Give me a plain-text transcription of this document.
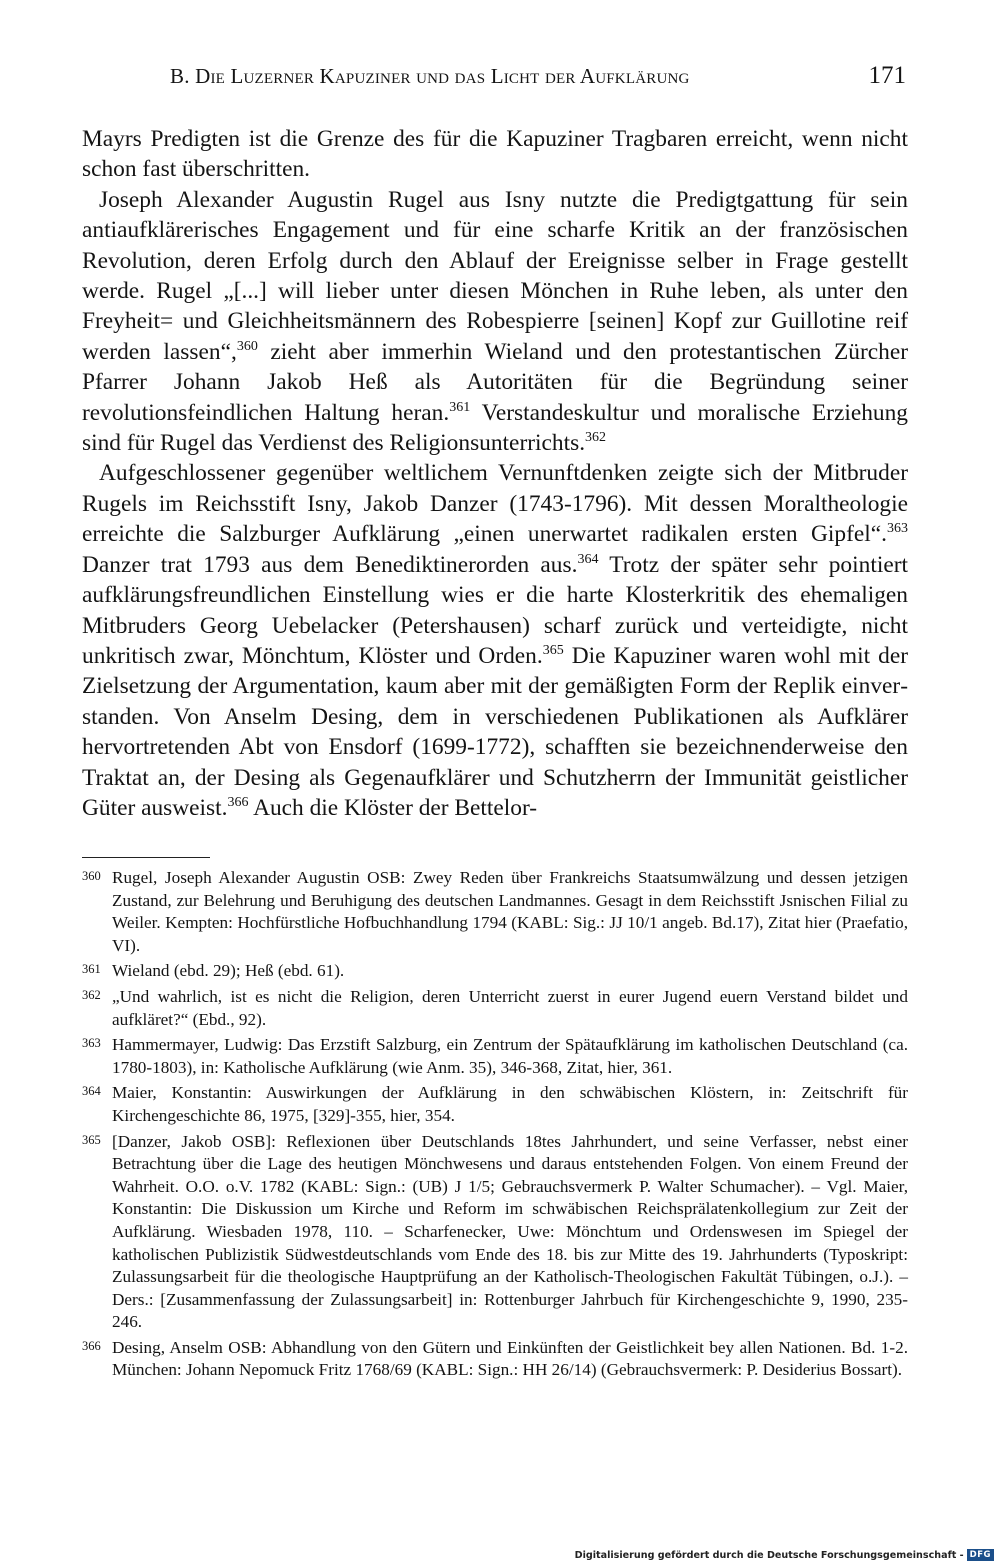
B. Die Luzerner Kapuziner und das Licht der Aufklärung	171

Mayrs Predigten ist die Grenze des für die Kapuziner Tragbaren erreicht, wenn nicht schon fast überschritten.

Joseph Alexander Augustin Rugel aus Isny nutzte die Predigtgattung für sein antiaufklärerisches Engagement und für eine scharfe Kritik an der französischen Revolution, deren Erfolg durch den Ablauf der Ereignisse selber in Frage gestellt werde. Rugel „[...] will lieber unter diesen Mönchen in Ruhe leben, als unter den Freyheit= und Gleichheitsmännern des Robespierre [seinen] Kopf zur Guillotine reif werden lassen“,$^{360}$ zieht aber immerhin Wieland und den protestantischen Zürcher Pfarrer Johann Jakob Heß als Autoritäten für die Begründung seiner revolutionsfeindlichen Haltung heran.$^{361}$ Verstandeskultur und moralische Erziehung sind für Rugel das Verdienst des Religionsunterrichts.$^{362}$

Aufgeschlossener gegenüber weltlichem Vernunftdenken zeigte sich der Mitbruder Rugels im Reichsstift Isny, Jakob Danzer (1743-1796). Mit dessen Moraltheologie erreichte die Salzburger Aufklärung „einen unerwartet radikalen ersten Gipfel“.$^{363}$ Danzer trat 1793 aus dem Benediktinerorden aus.$^{364}$ Trotz der später sehr pointiert aufklärungsfreundlichen Einstellung wies er die harte Klosterkritik des ehemaligen Mitbruders Georg Uebelacker (Petershausen) scharf zurück und verteidigte, nicht unkritisch zwar, Mönchtum, Klöster und Orden.$^{365}$ Die Kapuziner waren wohl mit der Zielsetzung der Argumentation, kaum aber mit der gemäßigten Form der Replik einverstanden. Von Anselm Desing, dem in verschiedenen Publikationen als Aufklärer hervortretenden Abt von Ensdorf (1699-1772), schafften sie bezeichnenderweise den Traktat an, der Desing als Gegenaufklärer und Schutzherrn der Immunität geistlicher Güter ausweist.$^{366}$ Auch die Klöster der Bettelor-

360 Rugel, Joseph Alexander Augustin OSB: Zwey Reden über Frankreichs Staatsumwälzung und dessen jetzigen Zustand, zur Belehrung und Beruhigung des deutschen Landmannes. Gesagt in dem Reichsstift Jsnischen Filial zu Weiler. Kempten: Hochfürstliche Hofbuchhandlung 1794 (KABL: Sig.: JJ 10/1 angeb. Bd.17), Zitat hier (Praefatio, VI).
361 Wieland (ebd. 29); Heß (ebd. 61).
362 „Und wahrlich, ist es nicht die Religion, deren Unterricht zuerst in eurer Jugend euern Verstand bildet und aufkläret?“ (Ebd., 92).
363 Hammermayer, Ludwig: Das Erzstift Salzburg, ein Zentrum der Spätaufklärung im katholischen Deutschland (ca. 1780-1803), in: Katholische Aufklärung (wie Anm. 35), 346-368, Zitat, hier, 361.
364 Maier, Konstantin: Auswirkungen der Aufklärung in den schwäbischen Klöstern, in: Zeitschrift für Kirchengeschichte 86, 1975, [329]-355, hier, 354.
365 [Danzer, Jakob OSB]: Reflexionen über Deutschlands 18tes Jahrhundert, und seine Verfasser, nebst einer Betrachtung über die Lage des heutigen Mönchwesens und daraus entstehenden Folgen. Von einem Freund der Wahrheit. O.O. o.V. 1782 (KABL: Sign.: (UB) J 1/5; Gebrauchsvermerk P. Walter Schumacher). – Vgl. Maier, Konstantin: Die Diskussion um Kirche und Reform im schwäbischen Reichsprälatenkollegium zur Zeit der Aufklärung. Wiesbaden 1978, 110. – Scharfenecker, Uwe: Mönchtum und Ordenswesen im Spiegel der katholischen Publizistik Südwestdeutschlands vom Ende des 18. bis zur Mitte des 19. Jahrhunderts (Typoskript: Zulassungsarbeit für die theologische Hauptprüfung an der Katholisch-Theologischen Fakultät Tübingen, o.J.). – Ders.: [Zusammenfassung der Zulassungsarbeit] in: Rottenburger Jahrbuch für Kirchengeschichte 9, 1990, 235-246.
366 Desing, Anselm OSB: Abhandlung von den Gütern und Einkünften der Geistlichkeit bey allen Nationen. Bd. 1-2. München: Johann Nepomuck Fritz 1768/69 (KABL: Sign.: HH 26/14) (Gebrauchsvermerk: P. Desiderius Bossart).
Digitalisierung gefördert durch die Deutsche Forschungsgemeinschaft - DFG
